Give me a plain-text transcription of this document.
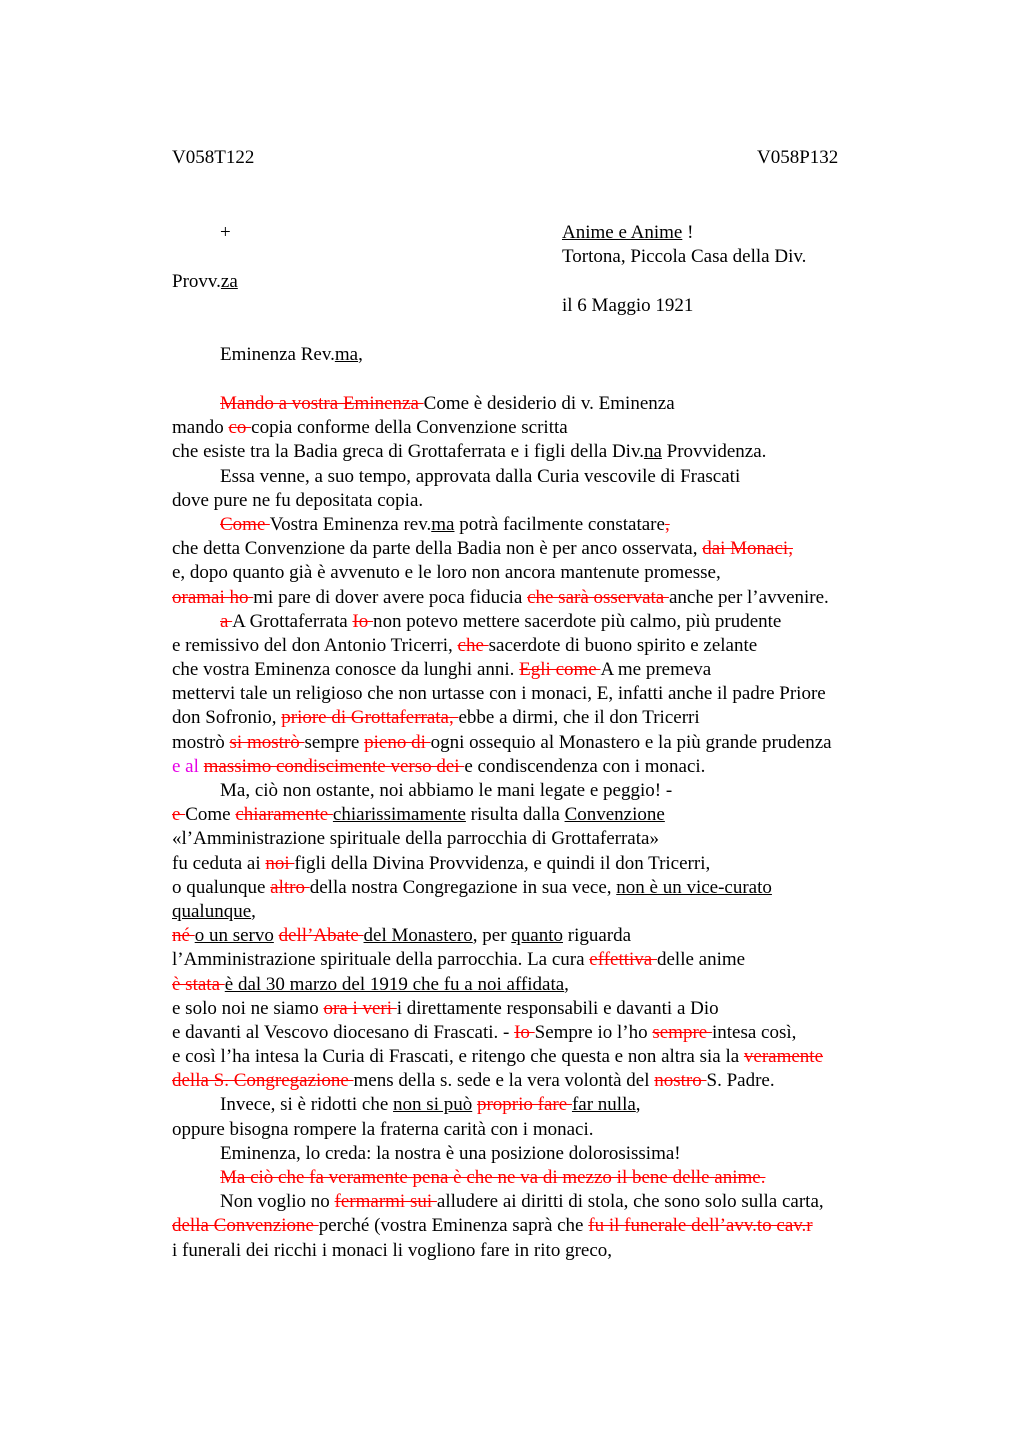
V058T122	V058P132
+	Anime e Anime !
Tortona, Piccola Casa della Div.
Provv.za
il 6 Maggio 1921
Eminenza Rev.ma,
Mando a vostra Eminenza Come è desiderio di v. Eminenza
mando co copia conforme della Convenzione scritta
che esiste tra la Badia greca di Grottaferrata e i figli della Div.na Provvidenza.
Essa venne, a suo tempo, approvata dalla Curia vescovile di Frascati
dove pure ne fu depositata copia.
Come Vostra Eminenza rev.ma potrà facilmente constatare,
che detta Convenzione da parte della Badia non è per anco osservata, dai Monaci,
e, dopo quanto già è avvenuto e le loro non ancora mantenute promesse,
oramai ho mi pare di dover avere poca fiducia che sarà osservata anche per l’avvenire.
a A Grottaferrata Io non potevo mettere sacerdote più calmo, più prudente
e remissivo del don Antonio Tricerri, che sacerdote di buono spirito e zelante
che vostra Eminenza conosce da lunghi anni. Egli come A me premeva
mettervi tale un religioso che non urtasse con i monaci, E, infatti anche il padre Priore
don Sofronio, priore di Grottaferrata, ebbe a dirmi, che il don Tricerri
mostrò si mostrò sempre pieno di ogni ossequio al Monastero e la più grande prudenza
e al massimo condiscimente verso dei e condiscendenza con i monaci.
Ma, ciò non ostante, noi abbiamo le mani legate e peggio! -
e Come chiaramente chiarissimamente risulta dalla Convenzione
«l’Amministrazione spirituale della parrocchia di Grottaferrata»
fu ceduta ai noi figli della Divina Provvidenza, e quindi il don Tricerri,
o qualunque altro della nostra Congregazione in sua vece, non è un vice-curato
qualunque,
né o un servo dell’Abate del Monastero, per quanto riguarda
l’Amministrazione spirituale della parrocchia. La cura effettiva delle anime
è stata è dal 30 marzo del 1919 che fu a noi affidata,
e solo noi ne siamo ora i veri i direttamente responsabili e davanti a Dio
e davanti al Vescovo diocesano di Frascati. - Io Sempre io l’ho sempre intesa così,
e così l’ha intesa la Curia di Frascati, e ritengo che questa e non altra sia la veramente
della S. Congregazione mens della s. sede e la vera volontà del nostro S. Padre.
Invece, si è ridotti che non si può proprio fare far nulla,
oppure bisogna rompere la fraterna carità con i monaci.
Eminenza, lo creda: la nostra è una posizione dolorosissima!
Ma ciò che fa veramente pena è che ne va di mezzo il bene delle anime.
Non voglio no fermarmi sui alludere ai diritti di stola, che sono solo sulla carta,
della Convenzione perché (vostra Eminenza saprà che fu il funerale dell’avv.to cav.r
i funerali dei ricchi i monaci li vogliono fare in rito greco,
